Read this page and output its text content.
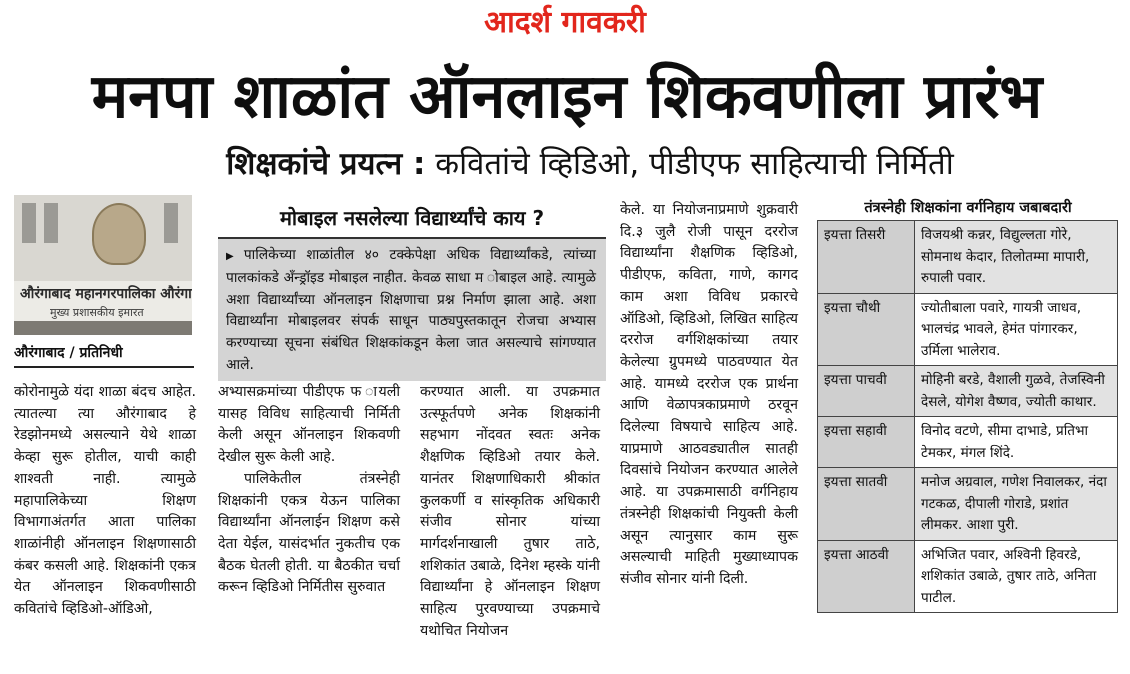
आदर्श गावकरी
मनपा शाळांत ऑनलाइन शिकवणीला प्रारंभ
शिक्षकांचे प्रयत्न : कवितांचे व्हिडिओ, पीडीएफ साहित्याची निर्मिती
औरंगाबाद महानगरपालिका औरंगा
मुख्य प्रशासकीय इमारत
औरंगाबाद / प्रतिनिधी

कोरोनामुळे यंदा शाळा बंदच आहेत. त्यातल्या त्या औरंगाबाद हे रेडझोनमध्ये असल्याने येथे शाळा केव्हा सुरू होतील, याची काही शाश्वती नाही. त्यामुळे महापालिकेच्या शिक्षण विभागाअंतर्गत आता पालिका शाळांनीही ऑनलाइन शिक्षणासाठी कंबर कसली आहे. शिक्षकांनी एकत्र येत ऑनलाइन शिकवणीसाठी कवितांचे व्हिडिओ-ऑडिओ,

मोबाइल नसलेल्या विद्यार्थ्यांचे काय ?
▶ पालिकेच्या शाळांतील ४० टक्केपेक्षा अधिक विद्यार्थ्यांकडे, त्यांच्या पालकांकडे अँन्ड्रॉइड मोबाइल नाहीत. केवळ साधा म ोबाइल आहे. त्यामुळे अशा विद्यार्थ्यांच्या ऑनलाइन शिक्षणाचा प्रश्न निर्माण झाला आहे. अशा विद्यार्थ्यांना मोबाइलवर संपर्क साधून पाठ्यपुस्तकातून रोजचा अभ्यास करण्याच्या सूचना संबंधित शिक्षकांकडून केला जात असल्याचे सांगण्यात आले.

अभ्यासक्रमांच्या पीडीएफ फ ायली यासह विविध साहित्याची निर्मिती केली असून ऑनलाइन शिकवणी देखील सुरू केली आहे.

पालिकेतील तंत्रस्नेही शिक्षकांनी एकत्र येऊन पालिका विद्यार्थ्यांना ऑनलाईन शिक्षण कसे देता येईल, यासंदर्भात नुकतीच एक बैठक घेतली होती. या बैठकीत चर्चा करून व्हिडिओ निर्मितीस सुरुवात

करण्यात आली. या उपक्रमात उत्स्फूर्तपणे अनेक शिक्षकांनी सहभाग नोंदवत स्वतः अनेक शैक्षणिक व्हिडिओ तयार केले. यानंतर शिक्षणाधिकारी श्रीकांत कुलकर्णी व सांस्कृतिक अधिकारी संजीव सोनार यांच्या मार्गदर्शनाखाली तुषार ताठे, शशिकांत उबाळे, दिनेश म्हस्के यांनी विद्यार्थ्यांना हे ऑनलाइन शिक्षण साहित्य पुरवण्याच्या उपक्रमाचे यथोचित नियोजन

केले. या नियोजनाप्रमाणे शुक्रवारी दि.३ जुलै रोजी पासून दररोज विद्यार्थ्यांना शैक्षणिक व्हिडिओ, पीडीएफ, कविता, गाणे, कागद काम अशा विविध प्रकारचे ऑडिओ, व्हिडिओ, लिखित साहित्य दररोज वर्गशिक्षकांच्या तयार केलेल्या ग्रुपमध्ये पाठवण्यात येत आहे. यामध्ये दररोज एक प्रार्थना आणि वेळापत्रकाप्रमाणे ठरवून दिलेल्या विषयाचे साहित्य आहे. याप्रमाणे आठवड्यातील सातही दिवसांचे नियोजन करण्यात आलेले आहे. या उपक्रमासाठी वर्गनिहाय तंत्रस्नेही शिक्षकांची नियुक्ती केली असून त्यानुसार काम सुरू असल्याची माहिती मुख्याध्यापक संजीव सोनार यांनी दिली.

तंत्रस्नेही शिक्षकांना वर्गनिहाय जबाबदारी
इयत्ता तिसरी	विजयश्री कन्नर, विद्युल्लता गोरे, सोमनाथ केदार, तिलोतम्मा मापारी, रुपाली पवार.
इयत्ता चौथी	ज्योतीबाला पवारे, गायत्री जाधव, भालचंद्र भावले, हेमंत पांगारकर, उर्मिला भालेराव.
इयत्ता पाचवी	मोहिनी बरडे, वैशाली गुळवे, तेजस्विनी देसले, योगेश वैष्णव, ज्योती काथार.
इयत्ता सहावी	विनोद वटणे, सीमा दाभाडे, प्रतिभा टेमकर, मंगल शिंदे.
इयत्ता सातवी	मनोज अग्रवाल, गणेश निवालकर, नंदा गटकळ, दीपाली गोराडे, प्रशांत लीमकर. आशा पुरी.
इयत्ता आठवी	अभिजित पवार, अश्विनी हिवरडे, शशिकांत उबाळे, तुषार ताठे, अनिता पाटील.
